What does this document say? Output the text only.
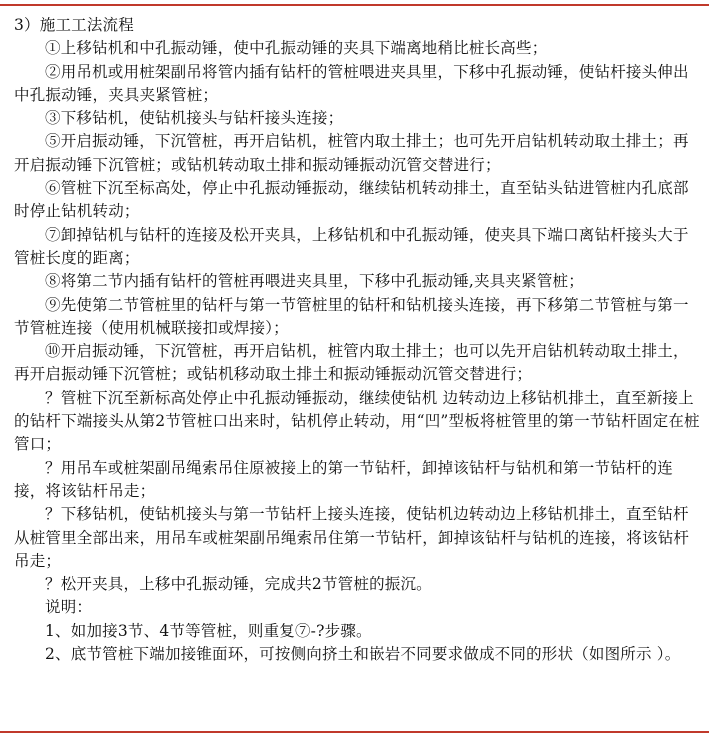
3）施工工法流程

①上移钻机和中孔振动锤，使中孔振动锤的夹具下端离地稍比桩长高些；

②用吊机或用桩架副吊将管内插有钻杆的管桩喂进夹具里，下移中孔振动锤，使钻杆接头伸出中孔振动锤，夹具夹紧管桩；

③下移钻机，使钻机接头与钻杆接头连接；

⑤开启振动锤，下沉管桩，再开启钻机，桩管内取土排土；也可先开启钻机转动取土排土；再开启振动锤下沉管桩；或钻机转动取土排和振动锤振动沉管交替进行；

⑥管桩下沉至标高处，停止中孔振动锤振动，继续钻机转动排土，直至钻头钻进管桩内孔底部时停止钻机转动；

⑦卸掉钻机与钻杆的连接及松开夹具，上移钻机和中孔振动锤，使夹具下端口离钻杆接头大于管桩长度的距离；

⑧将第二节内插有钻杆的管桩再喂进夹具里，下移中孔振动锤,夹具夹紧管桩；

⑨先使第二节管桩里的钻杆与第一节管桩里的钻杆和钻机接头连接，再下移第二节管桩与第一节管桩连接（使用机械联接扣或焊接）；

⑩开启振动锤，下沉管桩，再开启钻机，桩管内取土排土；也可以先开启钻机转动取土排土，再开启振动锤下沉管桩；或钻机移动取土排土和振动锤振动沉管交替进行；

？管桩下沉至新标高处停止中孔振动锤振动，继续使钻机 边转动边上移钻机排土，直至新接上的钻杆下端接头从第2节管桩口出来时，钻机停止转动，用“凹”型板将桩管里的第一节钻杆固定在桩管口；

？用吊车或桩架副吊绳索吊住原被接上的第一节钻杆，卸掉该钻杆与钻机和第一节钻杆的连接，将该钻杆吊走；

？下移钻机，使钻机接头与第一节钻杆上接头连接，使钻机边转动边上移钻机排土，直至钻杆从桩管里全部出来，用吊车或桩架副吊绳索吊住第一节钻杆，卸掉该钻杆与钻机的连接，将该钻杆吊走；

？松开夹具，上移中孔振动锤，完成共2节管桩的振沉。

说明：

1、如加接3节、4节等管桩，则重复⑦-?步骤。

2、底节管桩下端加接锥面环，可按侧向挤土和嵌岩不同要求做成不同的形状（如图所示 ）。
